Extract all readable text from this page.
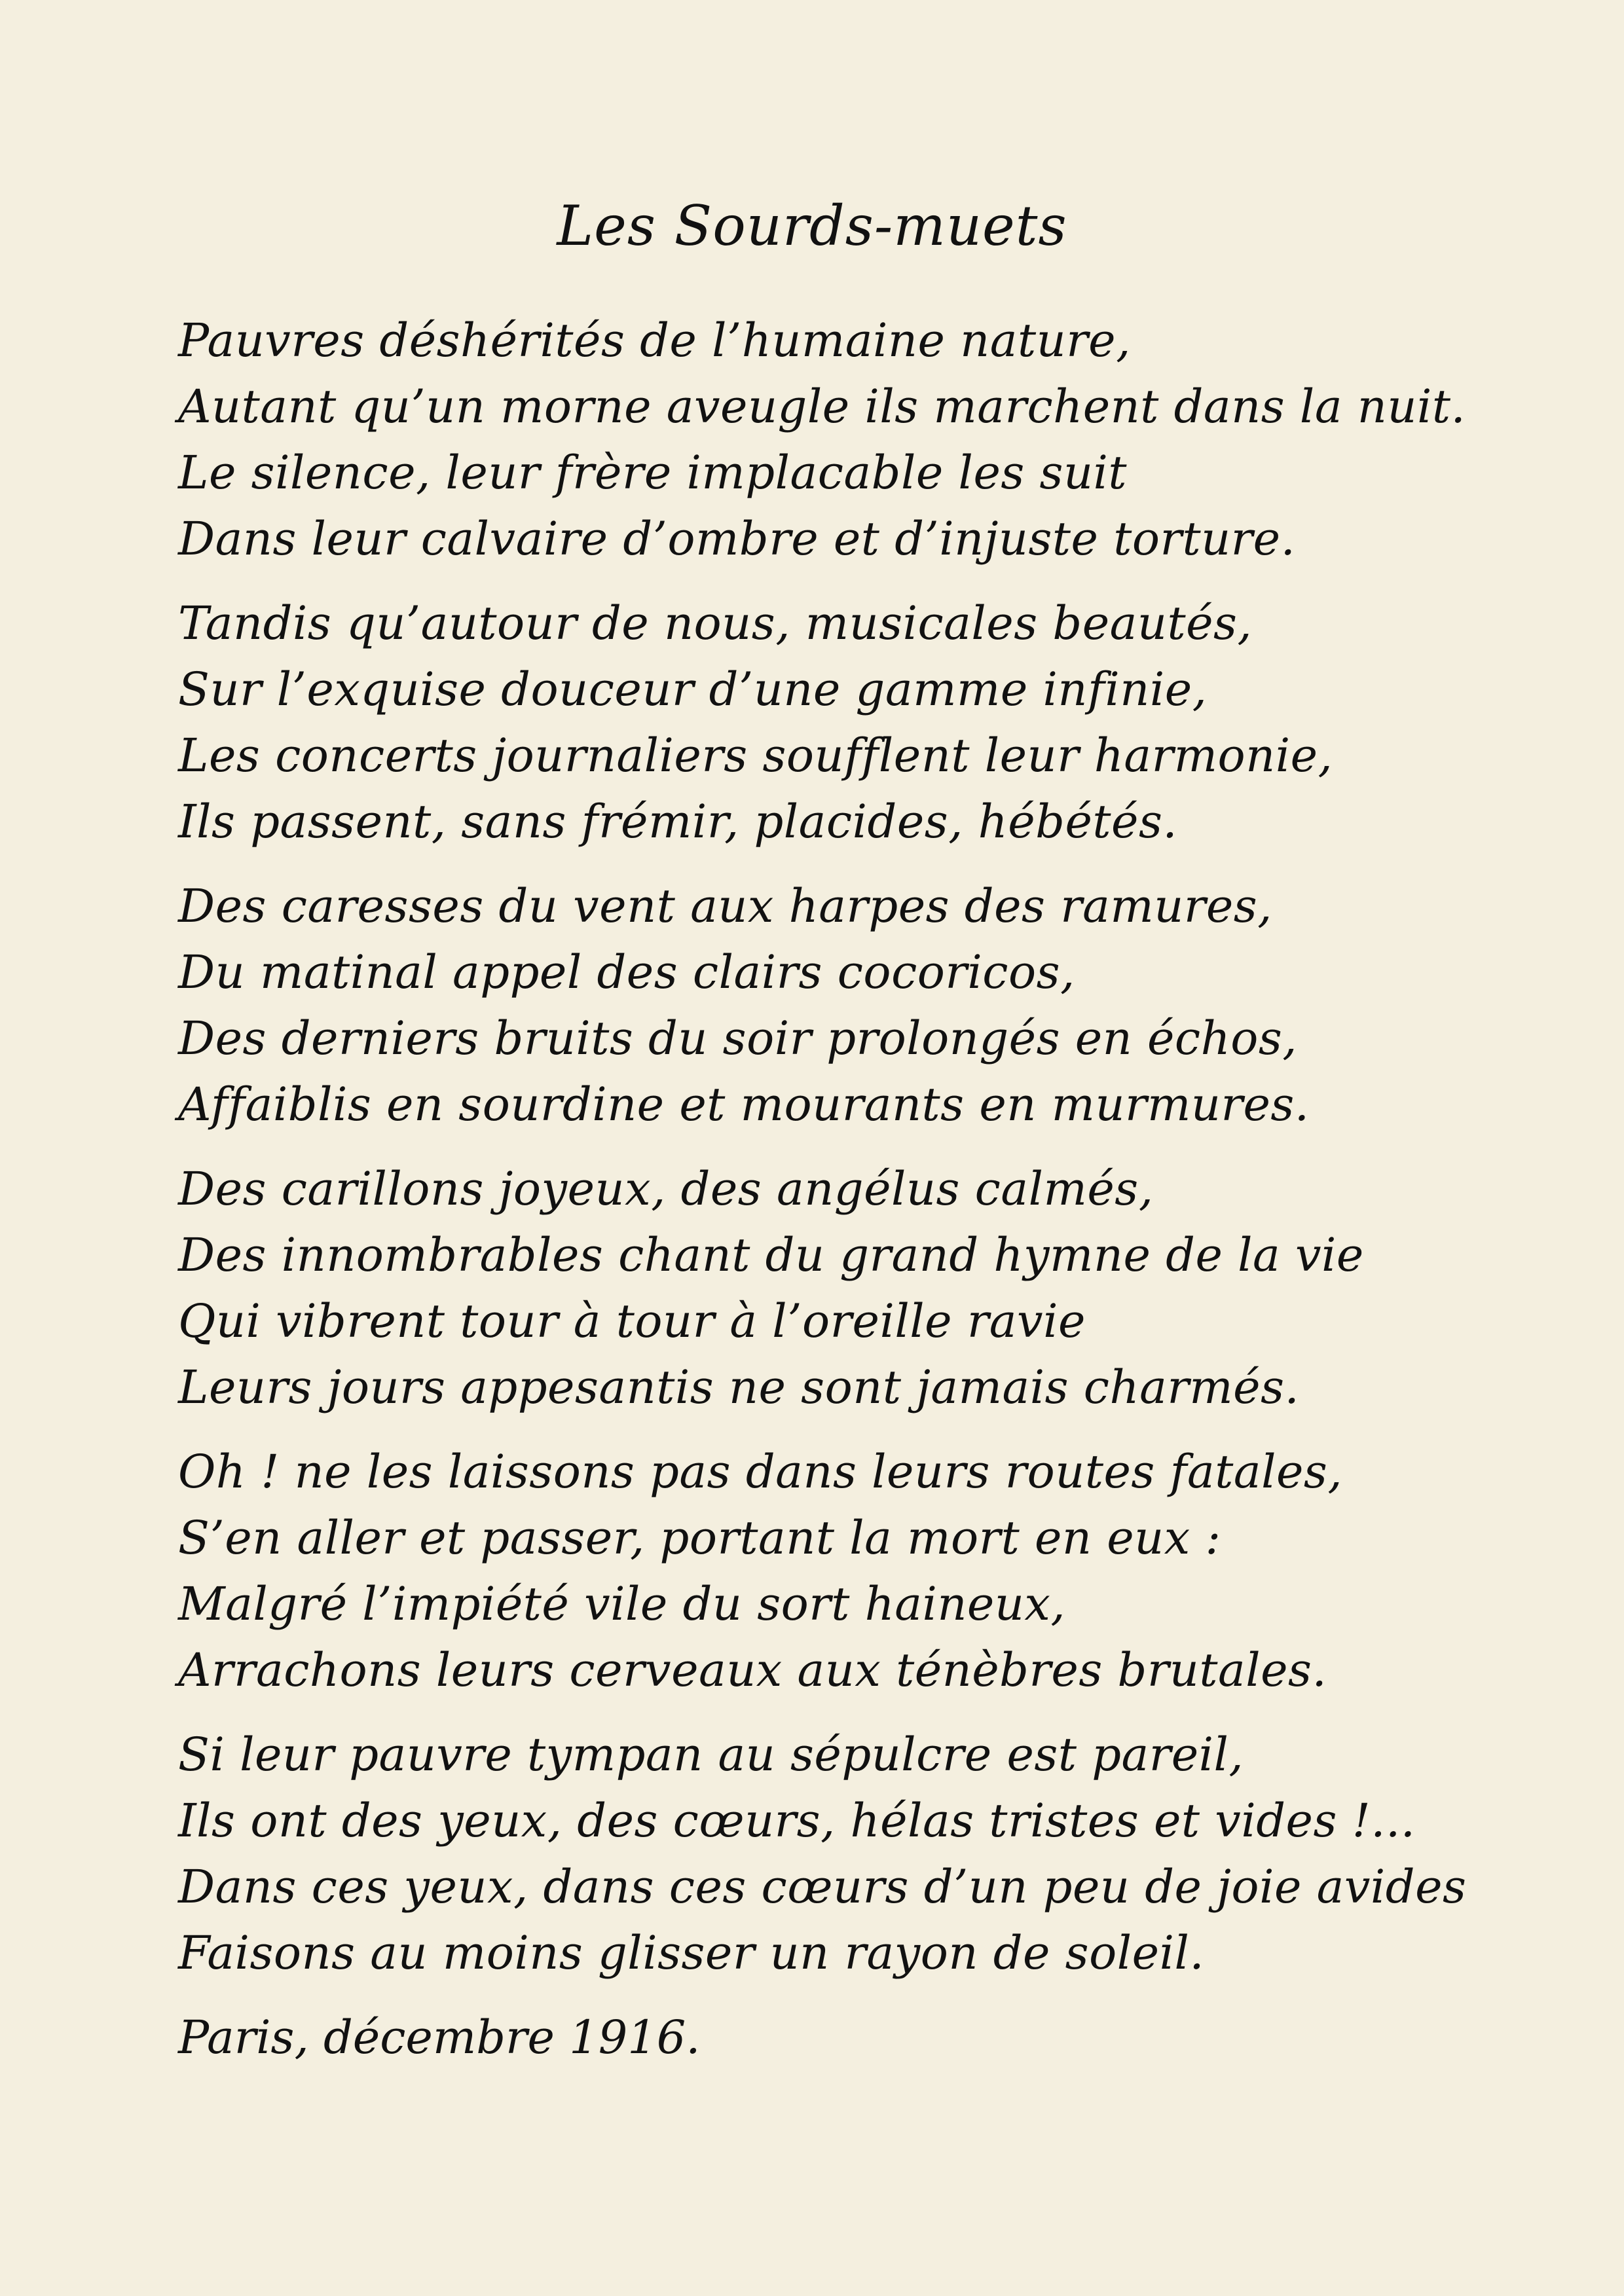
Les Sourds-muets
Pauvres déshérités de l’humaine nature,
Autant qu’un morne aveugle ils marchent dans la nuit.
Le silence, leur frère implacable les suit
Dans leur calvaire d’ombre et d’injuste torture.
Tandis qu’autour de nous, musicales beautés,
Sur l’exquise douceur d’une gamme infinie,
Les concerts journaliers soufflent leur harmonie,
Ils passent, sans frémir, placides, hébétés.
Des caresses du vent aux harpes des ramures,
Du matinal appel des clairs cocoricos,
Des derniers bruits du soir prolongés en échos,
Affaiblis en sourdine et mourants en murmures.
Des carillons joyeux, des angélus calmés,
Des innombrables chant du grand hymne de la vie
Qui vibrent tour à tour à l’oreille ravie
Leurs jours appesantis ne sont jamais charmés.
Oh ! ne les laissons pas dans leurs routes fatales,
S’en aller et passer, portant la mort en eux :
Malgré l’impiété vile du sort haineux,
Arrachons leurs cerveaux aux ténèbres brutales.
Si leur pauvre tympan au sépulcre est pareil,
Ils ont des yeux, des cœurs, hélas tristes et vides !...
Dans ces yeux, dans ces cœurs d’un peu de joie avides
Faisons au moins glisser un rayon de soleil.
Paris, décembre 1916.
